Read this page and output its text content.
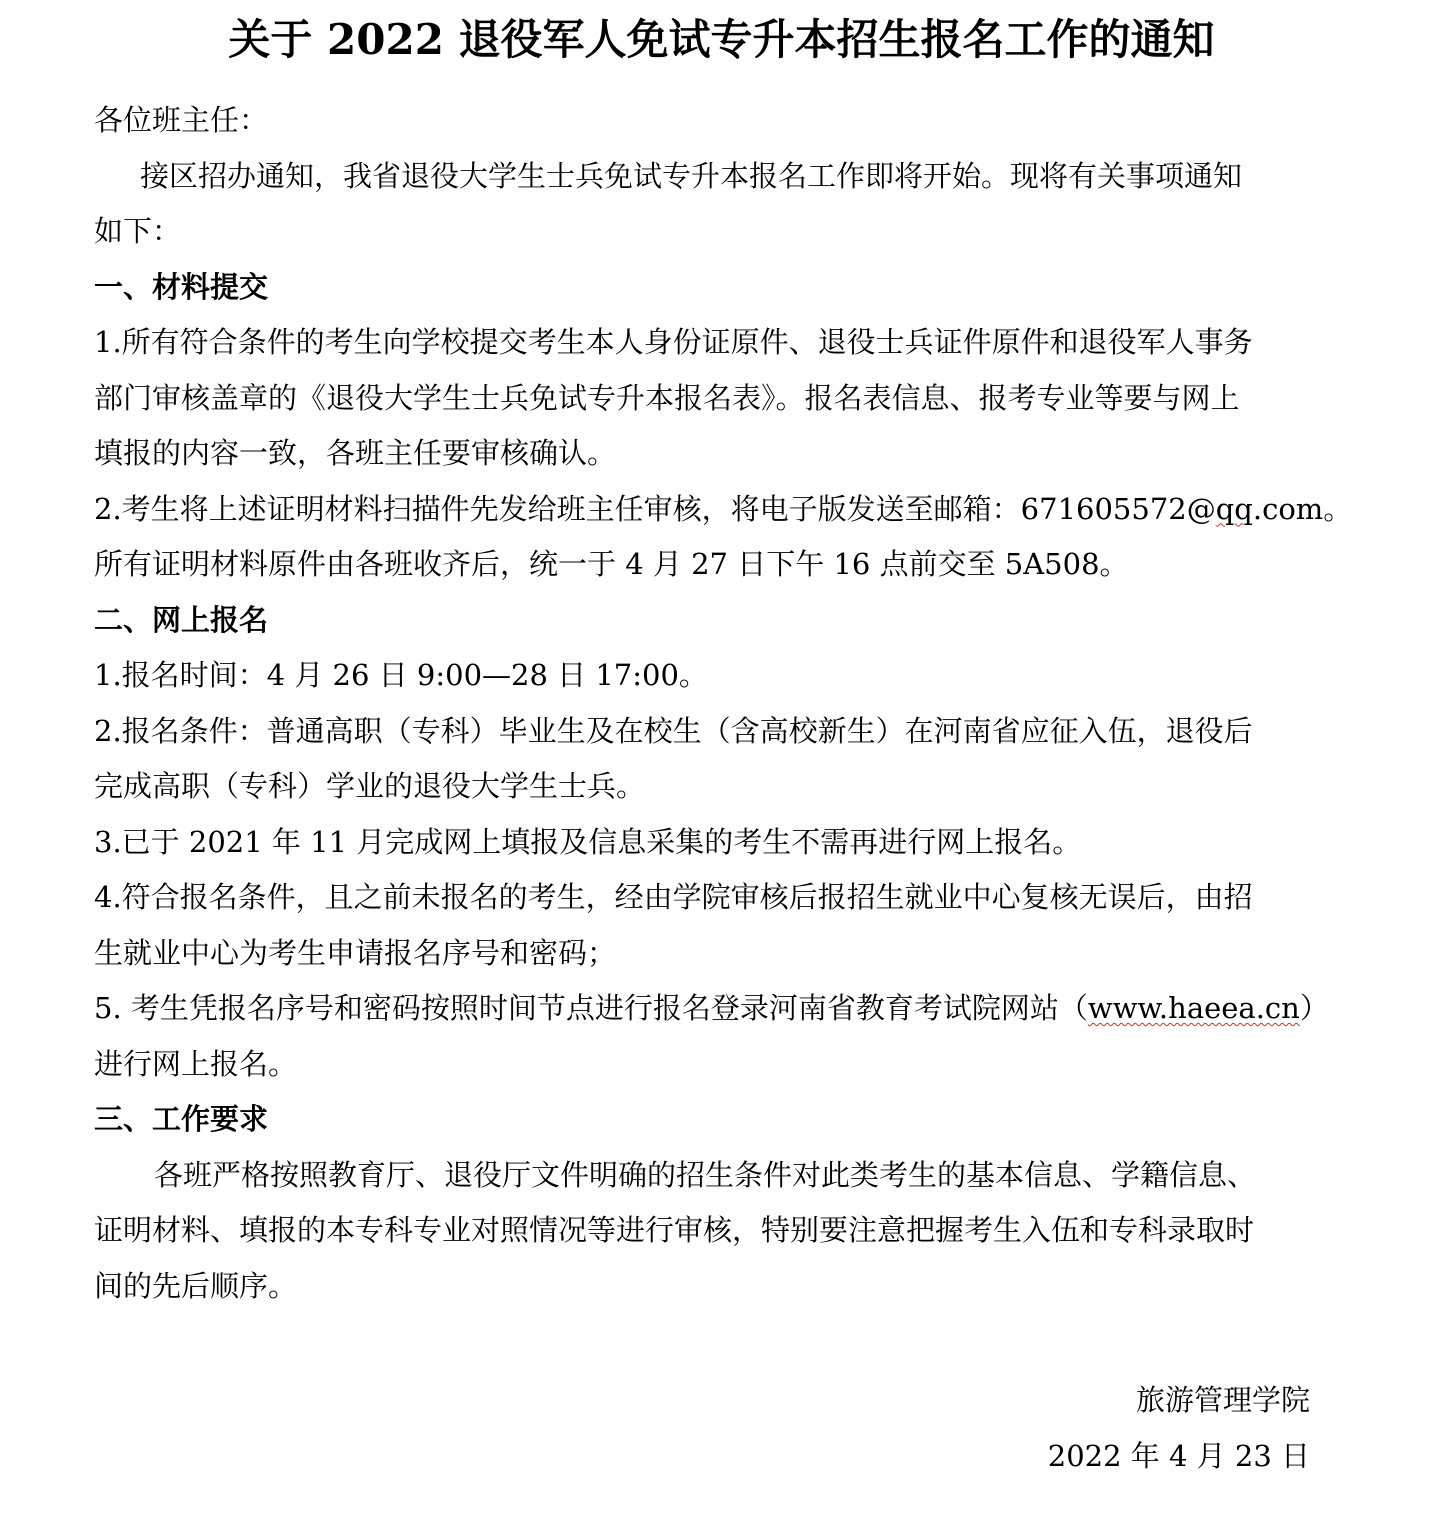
关于 2022 退役军人免试专升本招生报名工作的通知
各位班主任：
接区招办通知，我省退役大学生士兵免试专升本报名工作即将开始。现将有关事项通知
如下：
一、材料提交
1.所有符合条件的考生向学校提交考生本人身份证原件、退役士兵证件原件和退役军人事务
部门审核盖章的《退役大学生士兵免试专升本报名表》。报名表信息、报考专业等要与网上
填报的内容一致，各班主任要审核确认。
2.考生将上述证明材料扫描件先发给班主任审核，将电子版发送至邮箱：671605572@qq.com。
所有证明材料原件由各班收齐后，统一于 4 月 27 日下午 16 点前交至 5A508。
二、网上报名
1.报名时间：4 月 26 日 9:00—28 日 17:00。
2.报名条件：普通高职（专科）毕业生及在校生（含高校新生）在河南省应征入伍，退役后
完成高职（专科）学业的退役大学生士兵。
3.已于 2021 年 11 月完成网上填报及信息采集的考生不需再进行网上报名。
4.符合报名条件，且之前未报名的考生，经由学院审核后报招生就业中心复核无误后，由招
生就业中心为考生申请报名序号和密码；
5. 考生凭报名序号和密码按照时间节点进行报名登录河南省教育考试院网站（www.haeea.cn）
进行网上报名。
三、工作要求
各班严格按照教育厅、退役厅文件明确的招生条件对此类考生的基本信息、学籍信息、
证明材料、填报的本专科专业对照情况等进行审核，特别要注意把握考生入伍和专科录取时
间的先后顺序。
旅游管理学院
2022 年 4 月 23 日
